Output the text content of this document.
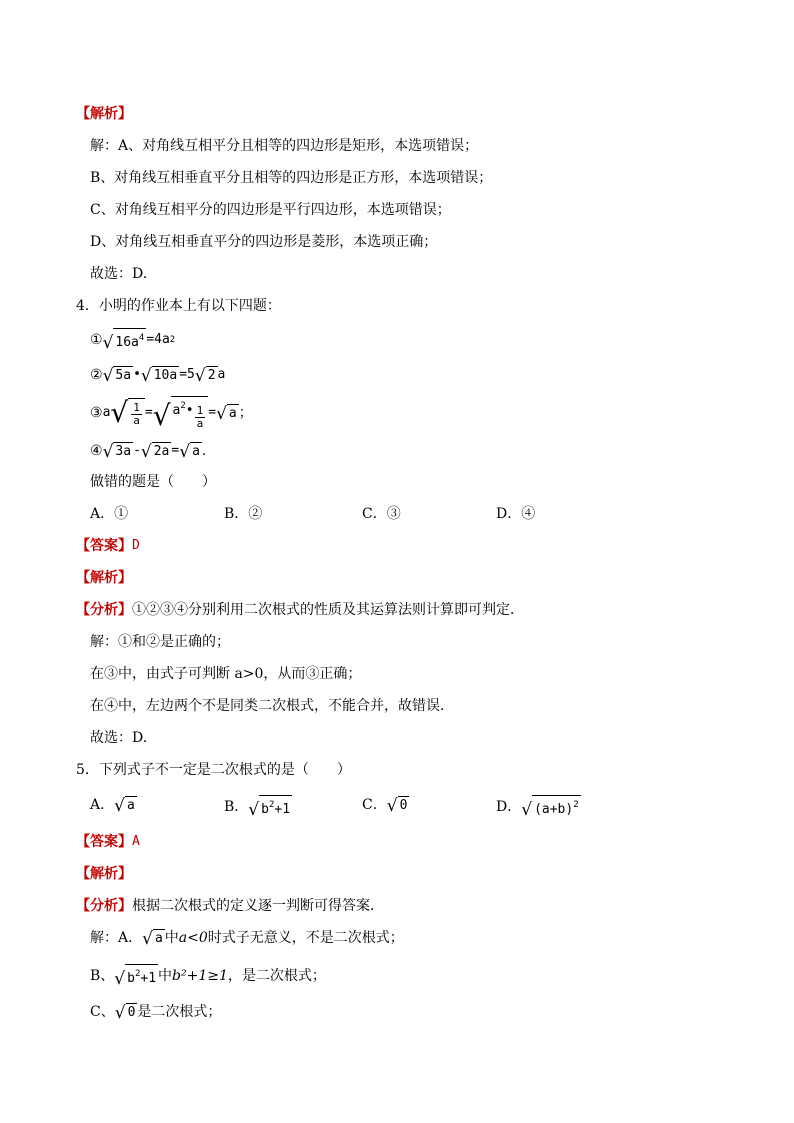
【解析】
解：A、对角线互相平分且相等的四边形是矩形，本选项错误；
B、对角线互相垂直平分且相等的四边形是正方形，本选项错误；
C、对角线互相平分的四边形是平行四边形，本选项错误；
D、对角线互相垂直平分的四边形是菱形，本选项正确；
故选：D.
4．小明的作业本上有以下四题：
① √ $16a^4 =4a$ 2
② √ 5a • √ 10a =5 √ 2 a
③ a √ $\frac{1}{a}$ = √ $a^2• \frac{1}{a}$ = √ a ；
④ √ 3a - √ 2a = √ a .
做错的题是（　　）
A．①	B．②	C．③	D．④
【答案】 D
【解析】
【分析】 ①②③④分别利用二次根式的性质及其运算法则计算即可判定．
解：①和②是正确的；
在③中，由式子可判断 a>0，从而③正确；
在④中，左边两个不是同类二次根式，不能合并，故错误．
故选：D.
5．下列式子不一定是二次根式的是（　　）
A． √ a	B． √ $b^2+1$	C． √ 0	D． √ $(a+b)^2$
【答案】 A
【解析】
【分析】 根据二次根式的定义逐一判断可得答案．
解：A． √ a 中 a<0 时式子无意义，不是二次根式；
B、 √ $b^2+1$ 中 b²+1≥1 ，是二次根式；
C、 √ 0 是二次根式；
